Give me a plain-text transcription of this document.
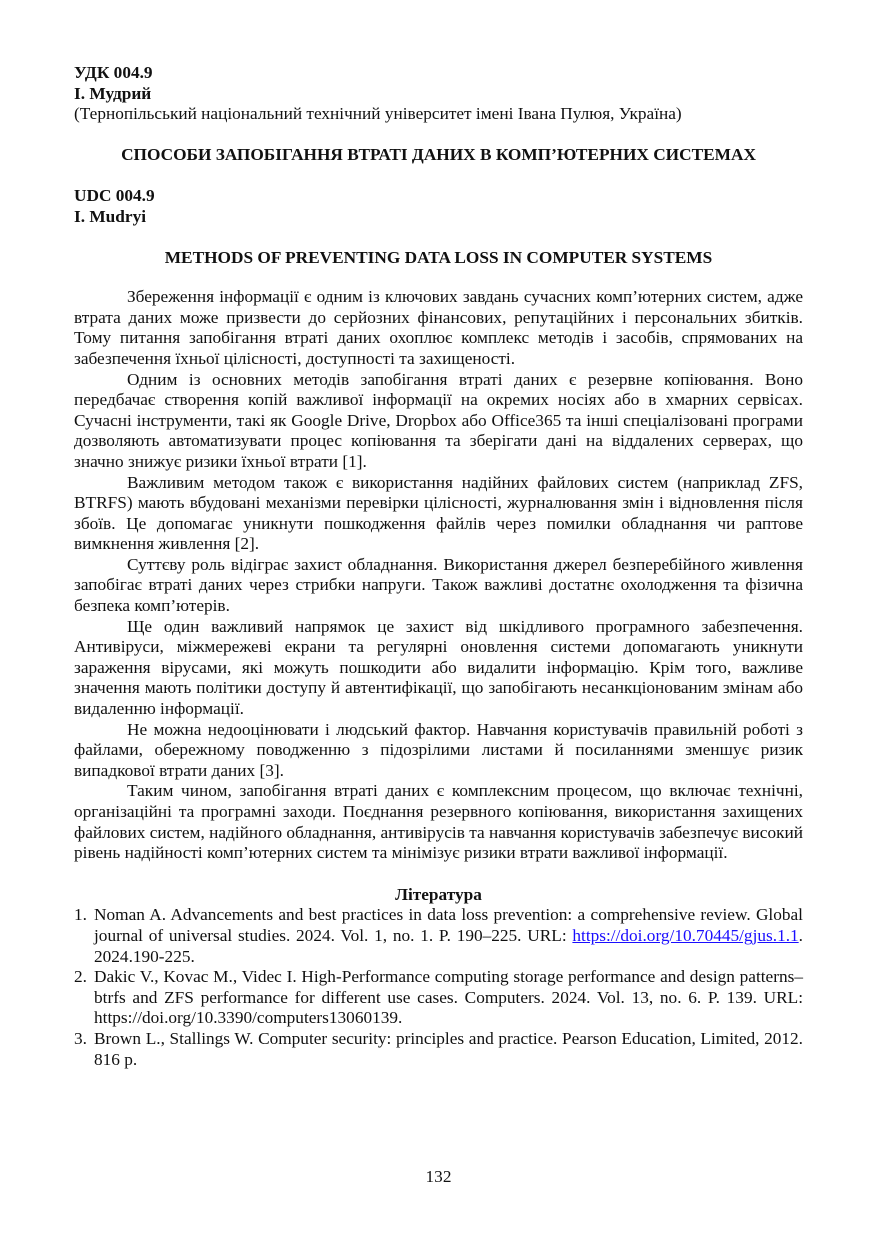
УДК 004.9

І. Мудрий

(Тернопільський національний технічний університет імені Івана Пулюя, Україна)

СПОСОБИ ЗАПОБІГАННЯ ВТРАТІ ДАНИХ В КОМП’ЮТЕРНИХ СИСТЕМАХ

UDC 004.9

I. Mudryi

METHODS OF PREVENTING DATA LOSS IN COMPUTER SYSTEMS

Збереження інформації є одним із ключових завдань сучасних комп’ютерних систем, адже втрата даних може призвести до серйозних фінансових, репутаційних і персональних збитків. Тому питання запобігання втраті даних охоплює комплекс методів і засобів, спрямованих на забезпечення їхньої цілісності, доступності та захищеності.

Одним із основних методів запобігання втраті даних є резервне копіювання. Воно передбачає створення копій важливої інформації на окремих носіях або в хмарних сервісах. Сучасні інструменти, такі як Google Drive, Dropbox або Office365 та інші спеціалізовані програми дозволяють автоматизувати процес копіювання та зберігати дані на віддалених серверах, що значно знижує ризики їхньої втрати [1].

Важливим методом також є використання надійних файлових систем (наприклад ZFS, BTRFS) мають вбудовані механізми перевірки цілісності, журналювання змін і відновлення після збоїв. Це допомагає уникнути пошкодження файлів через помилки обладнання чи раптове вимкнення живлення [2].

Суттєву роль відіграє захист обладнання. Використання джерел безперебійного живлення запобігає втраті даних через стрибки напруги. Також важливі достатнє охолодження та фізична безпека комп’ютерів.

Ще один важливий напрямок це захист від шкідливого програмного забезпечення. Антивіруси, міжмережеві екрани та регулярні оновлення системи допомагають уникнути зараження вірусами, які можуть пошкодити або видалити інформацію. Крім того, важливе значення мають політики доступу й автентифікації, що запобігають несанкціонованим змінам або видаленню інформації.

Не можна недооцінювати і людський фактор. Навчання користувачів правильній роботі з файлами, обережному поводженню з підозрілими листами й посиланнями зменшує ризик випадкової втрати даних [3].

Таким чином, запобігання втраті даних є комплексним процесом, що включає технічні, організаційні та програмні заходи. Поєднання резервного копіювання, використання захищених файлових систем, надійного обладнання, антивірусів та навчання користувачів забезпечує високий рівень надійності комп’ютерних систем та мінімізує ризики втрати важливої інформації.

Література
1. Noman A. Advancements and best practices in data loss prevention: a comprehensive review. Global journal of universal studies. 2024. Vol. 1, no. 1. P. 190–225. URL: https://doi.org/10.70445/gjus.1.1. 2024.190-225.
2. Dakic V., Kovac M., Videc I. High-Performance computing storage performance and design patterns–btrfs and ZFS performance for different use cases. Computers. 2024. Vol. 13, no. 6. P. 139. URL: https://doi.org/10.3390/computers13060139.
3. Brown L., Stallings W. Computer security: principles and practice. Pearson Education, Limited, 2012. 816 p.
132
